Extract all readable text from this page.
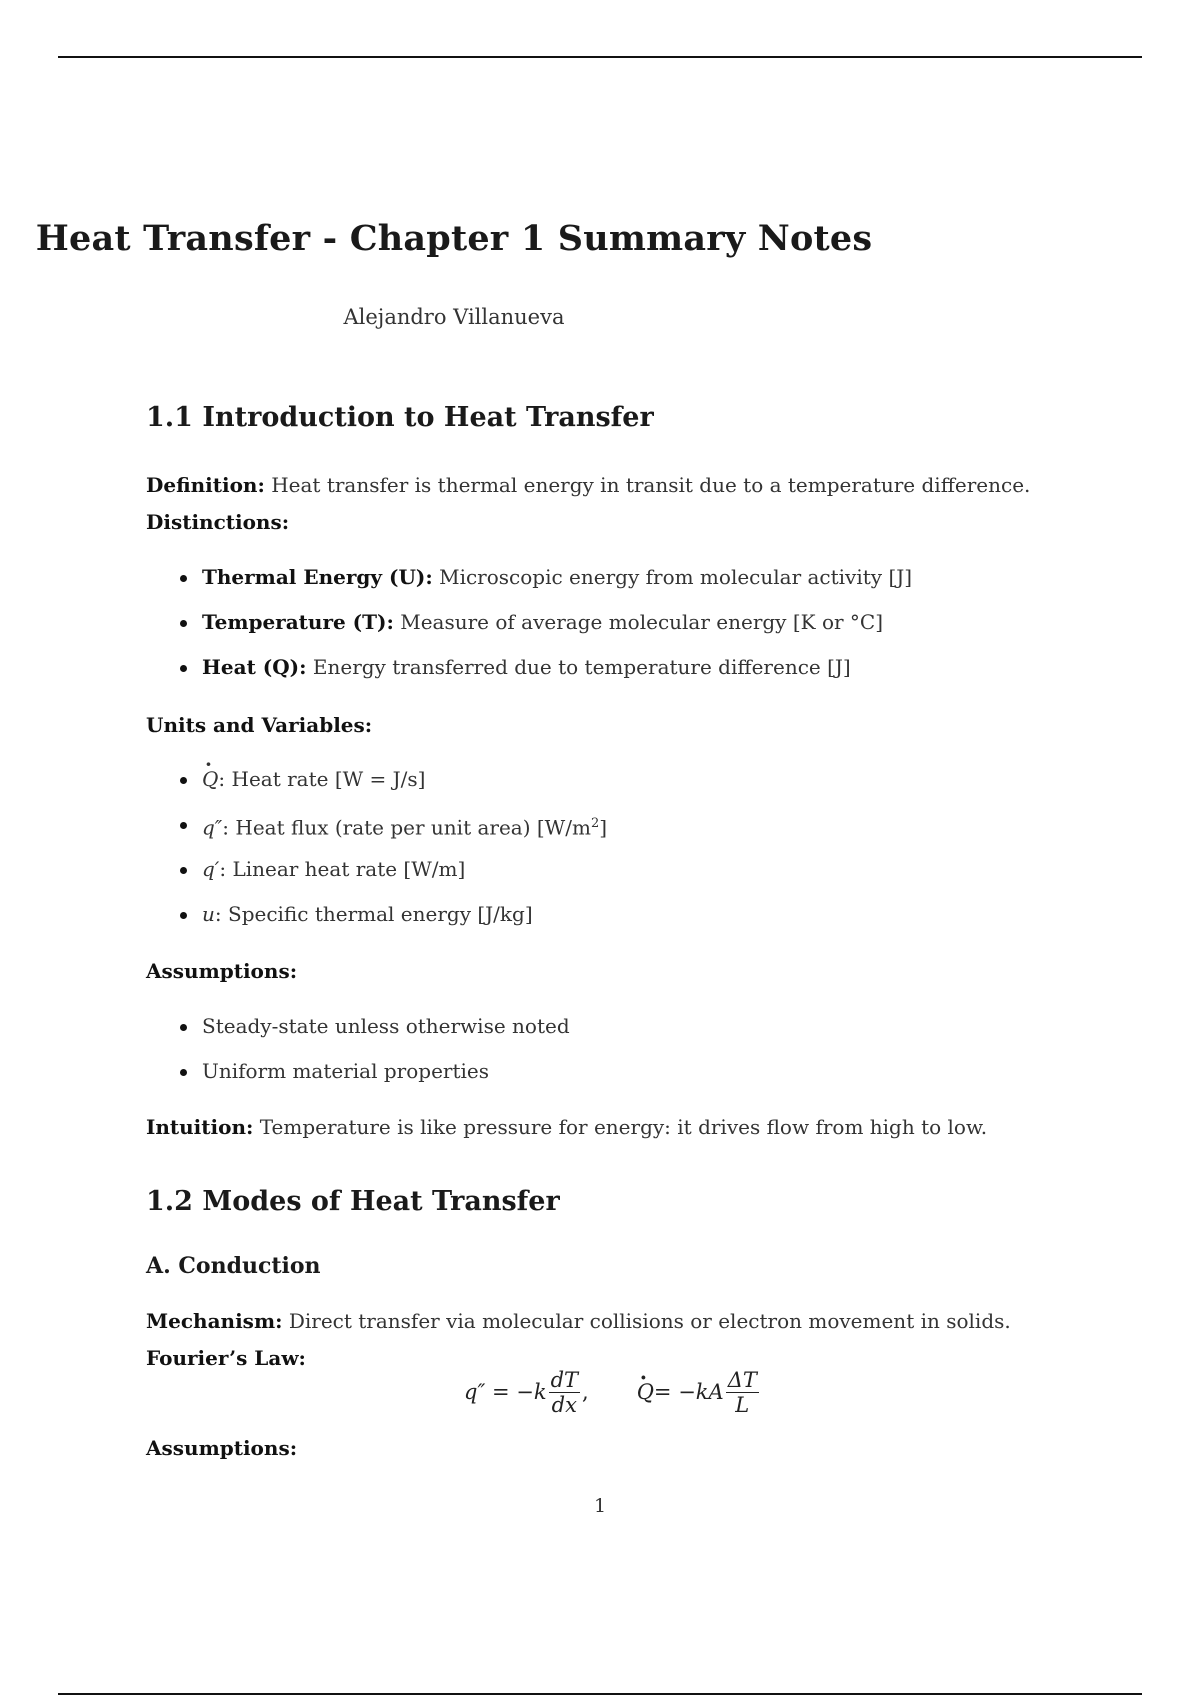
Heat Transfer - Chapter 1 Summary Notes
Alejandro Villanueva
1.1 Introduction to Heat Transfer
Definition: Heat transfer is thermal energy in transit due to a temperature difference.
Distinctions:
Thermal Energy (U): Microscopic energy from molecular activity [J]
Temperature (T): Measure of average molecular energy [K or °C]
Heat (Q): Energy transferred due to temperature difference [J]
Units and Variables:
· Q: Heat rate [W = J/s]
q″: Heat flux (rate per unit area) $[W/m^2]$
q′: Linear heat rate [W/m]
u: Specific thermal energy [J/kg]
Assumptions:
Steady-state unless otherwise noted
Uniform material properties
Intuition: Temperature is like pressure for energy: it drives flow from high to low.
1.2 Modes of Heat Transfer
A. Conduction
Mechanism: Direct transfer via molecular collisions or electron movement in solids.
Fourier’s Law:
$q'' = -k \frac{dT}{dx}$ ,
· $Q = -kA \frac{\Delta T}{L}$
Assumptions:
1
